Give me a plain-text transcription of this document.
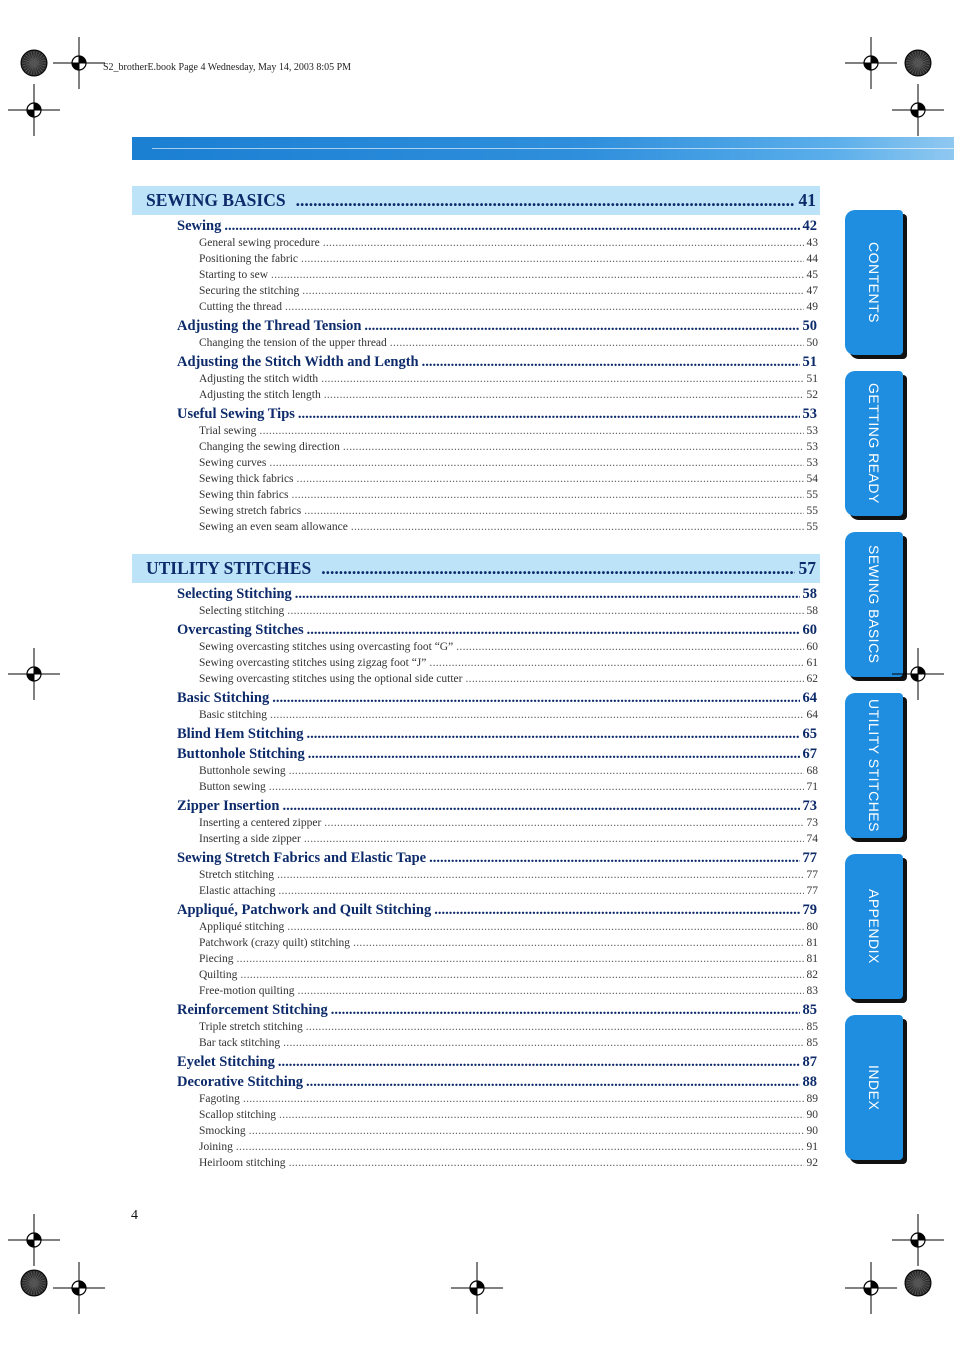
S2_brotherE.book Page 4 Wednesday, May 14, 2003 8:05 PM
SEWING BASICS .....	41
Sewing .....	42
General sewing procedure .....	43
Positioning the fabric .....	44
Starting to sew .....	45
Securing the stitching .....	47
Cutting the thread .....	49
Adjusting the Thread Tension .....	50
Changing the tension of the upper thread .....	50
Adjusting the Stitch Width and Length .....	51
Adjusting the stitch width .....	51
Adjusting the stitch length .....	52
Useful Sewing Tips .....	53
Trial sewing .....	53
Changing the sewing direction .....	53
Sewing curves .....	53
Sewing thick fabrics .....	54
Sewing thin fabrics .....	55
Sewing stretch fabrics .....	55
Sewing an even seam allowance .....	55
UTILITY STITCHES .....	57
Selecting Stitching .....	58
Selecting stitching .....	58
Overcasting Stitches .....	60
Sewing overcasting stitches using overcasting foot “G” .....	60
Sewing overcasting stitches using zigzag foot “J” .....	61
Sewing overcasting stitches using the optional side cutter .....	62
Basic Stitching .....	64
Basic stitching .....	64
Blind Hem Stitching .....	65
Buttonhole Stitching .....	67
Buttonhole sewing .....	68
Button sewing .....	71
Zipper Insertion .....	73
Inserting a centered zipper .....	73
Inserting a side zipper .....	74
Sewing Stretch Fabrics and Elastic Tape .....	77
Stretch stitching .....	77
Elastic attaching .....	77
Appliqué, Patchwork and Quilt Stitching .....	79
Appliqué stitching .....	80
Patchwork (crazy quilt) stitching .....	81
Piecing .....	81
Quilting .....	82
Free-motion quilting .....	83
Reinforcement Stitching .....	85
Triple stretch stitching .....	85
Bar tack stitching .....	85
Eyelet Stitching .....	87
Decorative Stitching .....	88
Fagoting .....	89
Scallop stitching .....	90
Smocking .....	90
Joining .....	91
Heirloom stitching .....	92
CONTENTS
GETTING READY
SEWING BASICS
UTILITY STITCHES
APPENDIX
INDEX
4
